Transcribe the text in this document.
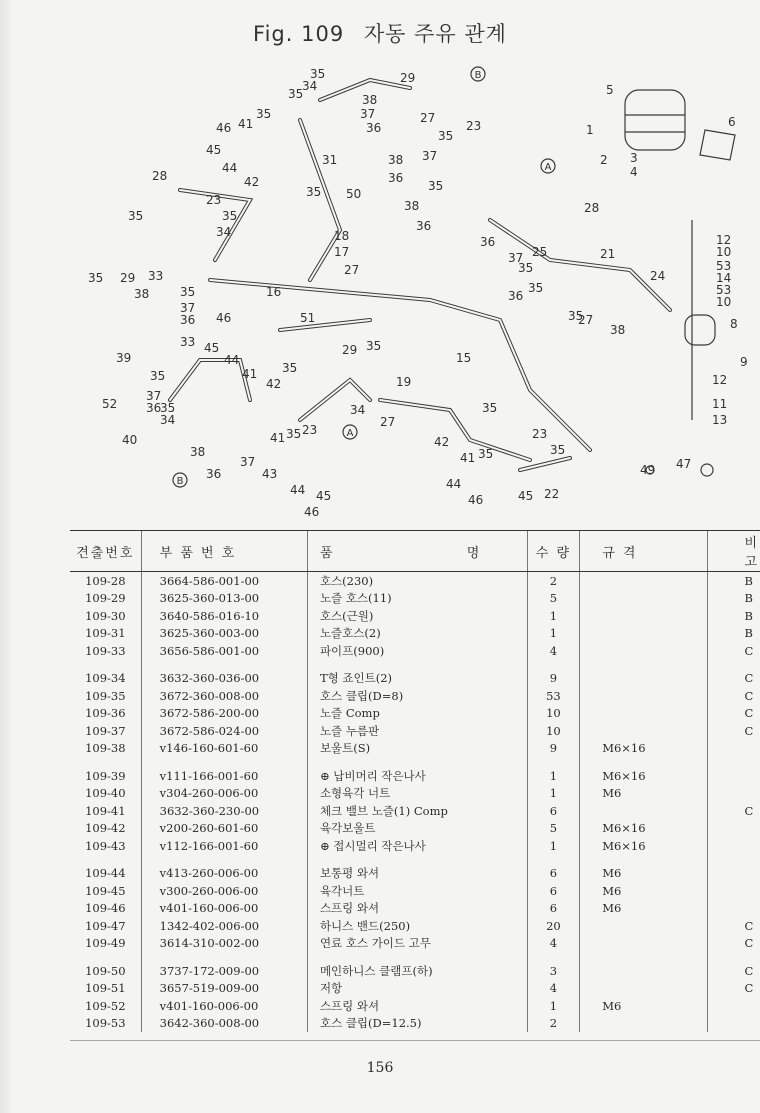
Fig. 109 자동 주유 관계
35	29
34
35	38
37
36
46 41
35
45
44
42
27
23
35
37
38
36
31
50
28
35
23
35
34
35
38
36
27
35
18
17
16
35 29 33
38	35
37
36
39
52
35
37
36
40
34
33
35
38
37
36
46
45
44
41
42
35
51
29 35
15
19
27
35
23
35
41 35 23
43
44 45
46
34
42
41 35
44
46	45 22
47
49
5
1
2 3
4
6
12
10
53
14
53
10
8
9
12
11
13
21
24
28
25
35
36
37
35
35
36
27
38
B
A
A
B
견출번호	부 품 번 호	품 명	수 량	규 격	비 고
109-28	3664-586-001-00	호스(230)	2		B
109-29	3625-360-013-00	노즐 호스(11)	5		B
109-30	3640-586-016-10	호스(근원)	1		B
109-31	3625-360-003-00	노즐호스(2)	1		B
109-33	3656-586-001-00	파이프(900)	4		C

109-34	3632-360-036-00	T형 죠인트(2)	9		C
109-35	3672-360-008-00	호스 클립(D=8)	53		C
109-36	3672-586-200-00	노즐 Comp	10		C
109-37	3672-586-024-00	노즐 누름판	10		C
109-38	v146-160-601-60	보울트(S)	9	M6×16	

109-39	v111-166-001-60	⊕ 납비머리 작은나사	1	M6×16	
109-40	v304-260-006-00	소형육각 너트	1	M6	
109-41	3632-360-230-00	체크 밸브 노즐(1) Comp	6		C
109-42	v200-260-601-60	육각보울트	5	M6×16	
109-43	v112-166-001-60	⊕ 접시멀리 작은나사	1	M6×16	

109-44	v413-260-006-00	보통평 와셔	6	M6	
109-45	v300-260-006-00	육각너트	6	M6	
109-46	v401-160-006-00	스프링 와셔	6	M6	
109-47	1342-402-006-00	하니스 밴드(250)	20		C
109-49	3614-310-002-00	연료 호스 가이드 고무	4		C

109-50	3737-172-009-00	메인하니스 클램프(하)	3		C
109-51	3657-519-009-00	저항	4		C
109-52	v401-160-006-00	스프링 와셔	1	M6	
109-53	3642-360-008-00	호스 클립(D=12.5)	2		
156
